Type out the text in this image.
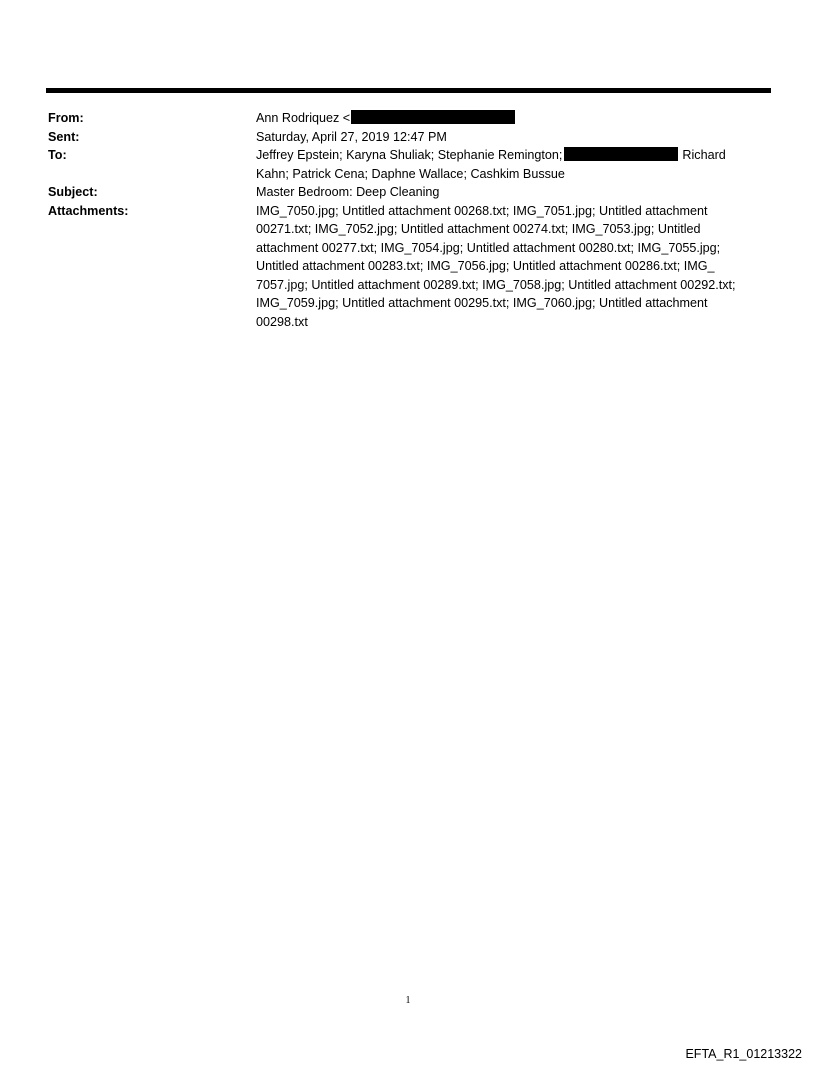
From:	Ann Rodriquez <
Sent:	Saturday, April 27, 2019 12:47 PM
To:	Jeffrey Epstein; Karyna Shuliak; Stephanie Remington;	Richard
Kahn; Patrick Cena; Daphne Wallace; Cashkim Bussue
Subject:	Master Bedroom: Deep Cleaning
Attachments:	IMG_7050.jpg; Untitled attachment 00268.txt; IMG_7051.jpg; Untitled attachment
00271.txt; IMG_7052.jpg; Untitled attachment 00274.txt; IMG_7053.jpg; Untitled
attachment 00277.txt; IMG_7054.jpg; Untitled attachment 00280.txt; IMG_7055.jpg;
Untitled attachment 00283.txt; IMG_7056.jpg; Untitled attachment 00286.txt; IMG_
7057.jpg; Untitled attachment 00289.txt; IMG_7058.jpg; Untitled attachment 00292.txt;
IMG_7059.jpg; Untitled attachment 00295.txt; IMG_7060.jpg; Untitled attachment
00298.txt
1
EFTA_R1_01213322
